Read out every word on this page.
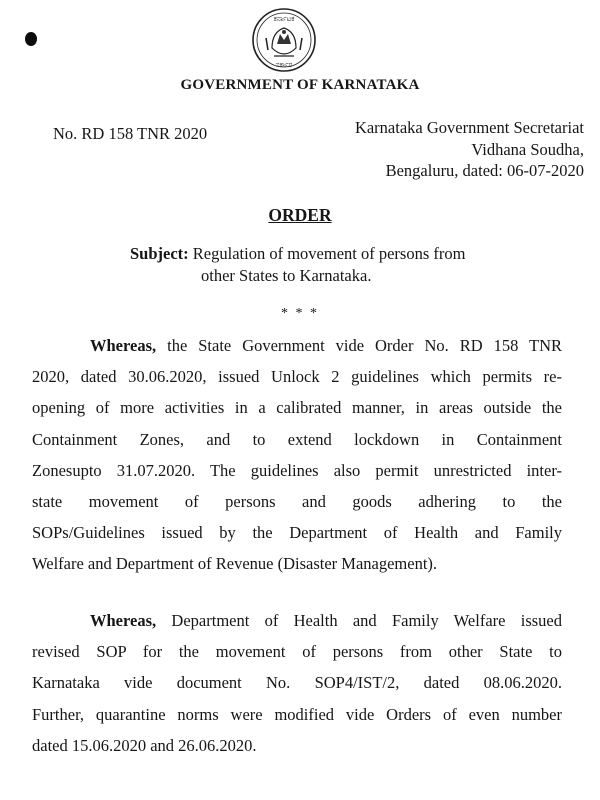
ಕರ್ನಾಟಕ
ಸರ್ಕಾರ
GOVERNMENT OF KARNATAKA
No. RD 158 TNR 2020	Karnataka Government Secretariat
Vidhana Soudha,
Bengaluru, dated: 06-07-2020
ORDER
Subject: Regulation of movement of persons from
other States to Karnataka.
* * *
Whereas, the State Government vide Order No. RD 158 TNR
2020, dated 30.06.2020, issued Unlock 2 guidelines which permits re-
opening of more activities in a calibrated manner, in areas outside the
Containment Zones, and to extend lockdown in Containment
Zonesupto 31.07.2020. The guidelines also permit unrestricted inter-
state movement of persons and goods adhering to the
SOPs/Guidelines issued by the Department of Health and Family
Welfare and Department of Revenue (Disaster Management).
Whereas, Department of Health and Family Welfare issued
revised SOP for the movement of persons from other State to
Karnataka vide document No. SOP4/IST/2, dated 08.06.2020.
Further, quarantine norms were modified vide Orders of even number
dated 15.06.2020 and 26.06.2020.
